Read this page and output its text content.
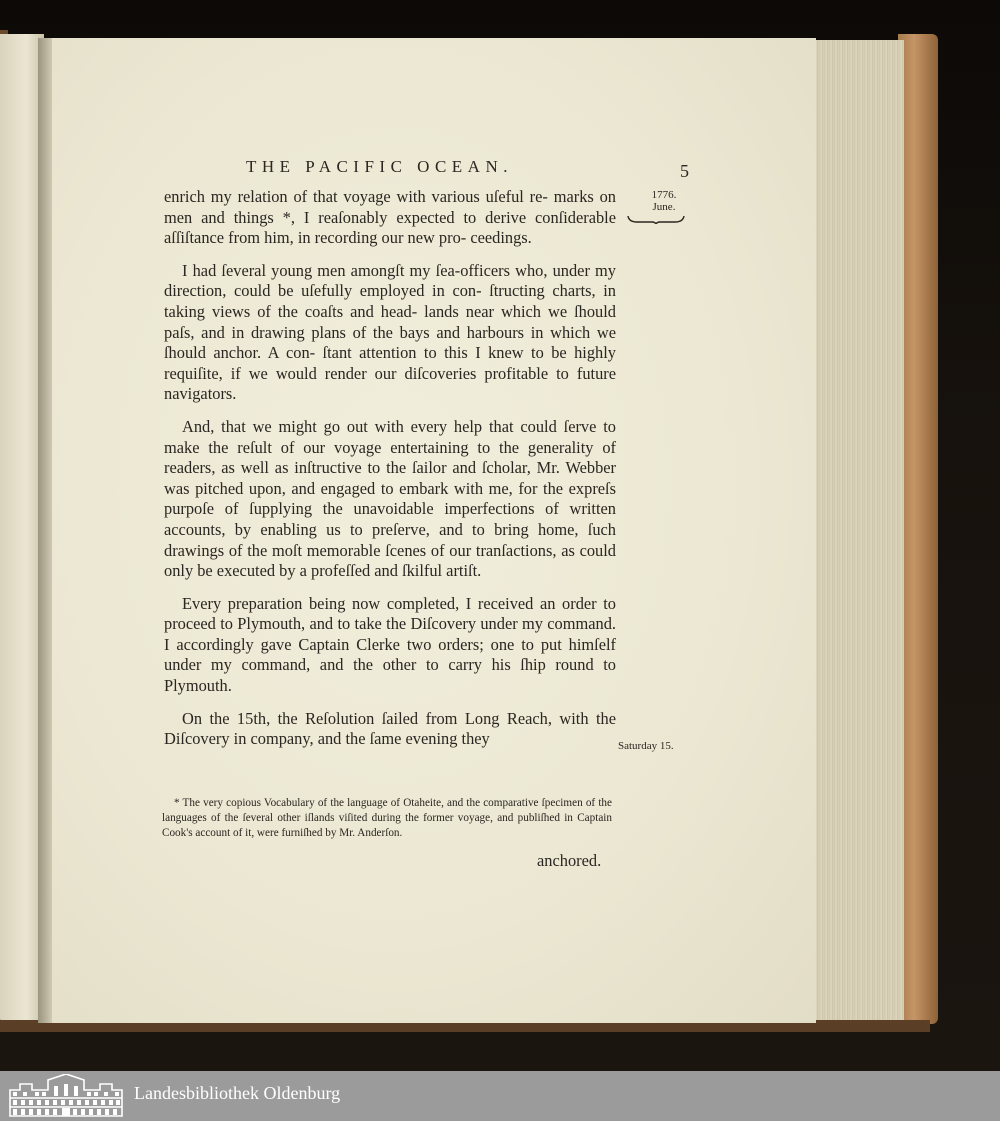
THE PACIFIC OCEAN.	5
1776.
June.
Saturday 15.

enrich my relation of that voyage with various uſeful re- marks on men and things *, I reaſonably expected to derive conſiderable aſſiſtance from him, in recording our new pro- ceedings.

I had ſeveral young men amongſt my ſea-officers who, under my direction, could be uſefully employed in con- ſtructing charts, in taking views of the coaſts and head- lands near which we ſhould paſs, and in drawing plans of the bays and harbours in which we ſhould anchor. A con- ſtant attention to this I knew to be highly requiſite, if we would render our diſcoveries profitable to future navigators.

And, that we might go out with every help that could ſerve to make the reſult of our voyage entertaining to the generality of readers, as well as inſtructive to the ſailor and ſcholar, Mr. Webber was pitched upon, and engaged to embark with me, for the expreſs purpoſe of ſupplying the unavoidable imperfections of written accounts, by enabling us to preſerve, and to bring home, ſuch drawings of the moſt memorable ſcenes of our tranſactions, as could only be executed by a profeſſed and ſkilful artiſt.

Every preparation being now completed, I received an order to proceed to Plymouth, and to take the Diſcovery under my command. I accordingly gave Captain Clerke two orders; one to put himſelf under my command, and the other to carry his ſhip round to Plymouth.

On the 15th, the Reſolution ſailed from Long Reach, with the Diſcovery in company, and the ſame evening they

* The very copious Vocabulary of the language of Otaheite, and the comparative ſpecimen of the languages of the ſeveral other iſlands viſited during the former voyage, and publiſhed in Captain Cook's account of it, were furniſhed by Mr. Anderſon.
anchored.
Landesbibliothek Oldenburg
